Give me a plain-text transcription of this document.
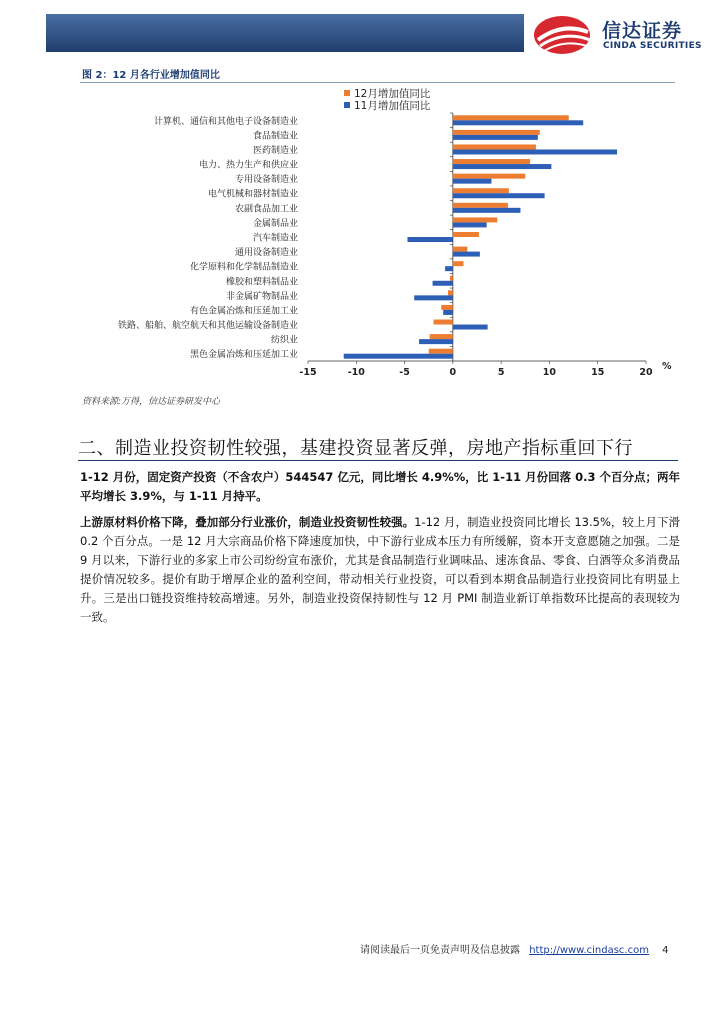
信达证券
CINDA SECURITIES
图 2：12 月各行业增加值同比
12月增加值同比
11月增加值同比
计算机、通信和其他电子设备制造业
食品制造业
医药制造业
电力、热力生产和供应业
专用设备制造业
电气机械和器材制造业
农副食品加工业
金属制品业
汽车制造业
通用设备制造业
化学原料和化学制品制造业
橡胶和塑料制品业
非金属矿物制品业
有色金属冶炼和压延加工业
铁路、船舶、航空航天和其他运输设备制造业
纺织业
黑色金属冶炼和压延加工业
-15	-10	-5	0	5	10	15	20
%
资料来源:万得，信达证券研发中心
二、制造业投资韧性较强，基建投资显著反弹，房地产指标重回下行
1-12 月份，固定资产投资（不含农户）544547 亿元，同比增长 4.9%%，比 1-11 月份回落 0.3 个百分点；两年平均增长 3.9%，与 1-11 月持平。
上游原材料价格下降，叠加部分行业涨价，制造业投资韧性较强。1-12 月，制造业投资同比增长 13.5%，较上月下滑 0.2 个百分点。一是 12 月大宗商品价格下降速度加快，中下游行业成本压力有所缓解，资本开支意愿随之加强。二是 9 月以来，下游行业的多家上市公司纷纷宣布涨价，尤其是食品制造行业调味品、速冻食品、零食、白酒等众多消费品提价情况较多。提价有助于增厚企业的盈利空间，带动相关行业投资，可以看到本期食品制造行业投资同比有明显上升。三是出口链投资维持较高增速。另外，制造业投资保持韧性与 12 月 PMI 制造业新订单指数环比提高的表现较为一致。
请阅读最后一页免责声明及信息披露 http://www.cindasc.com 4
